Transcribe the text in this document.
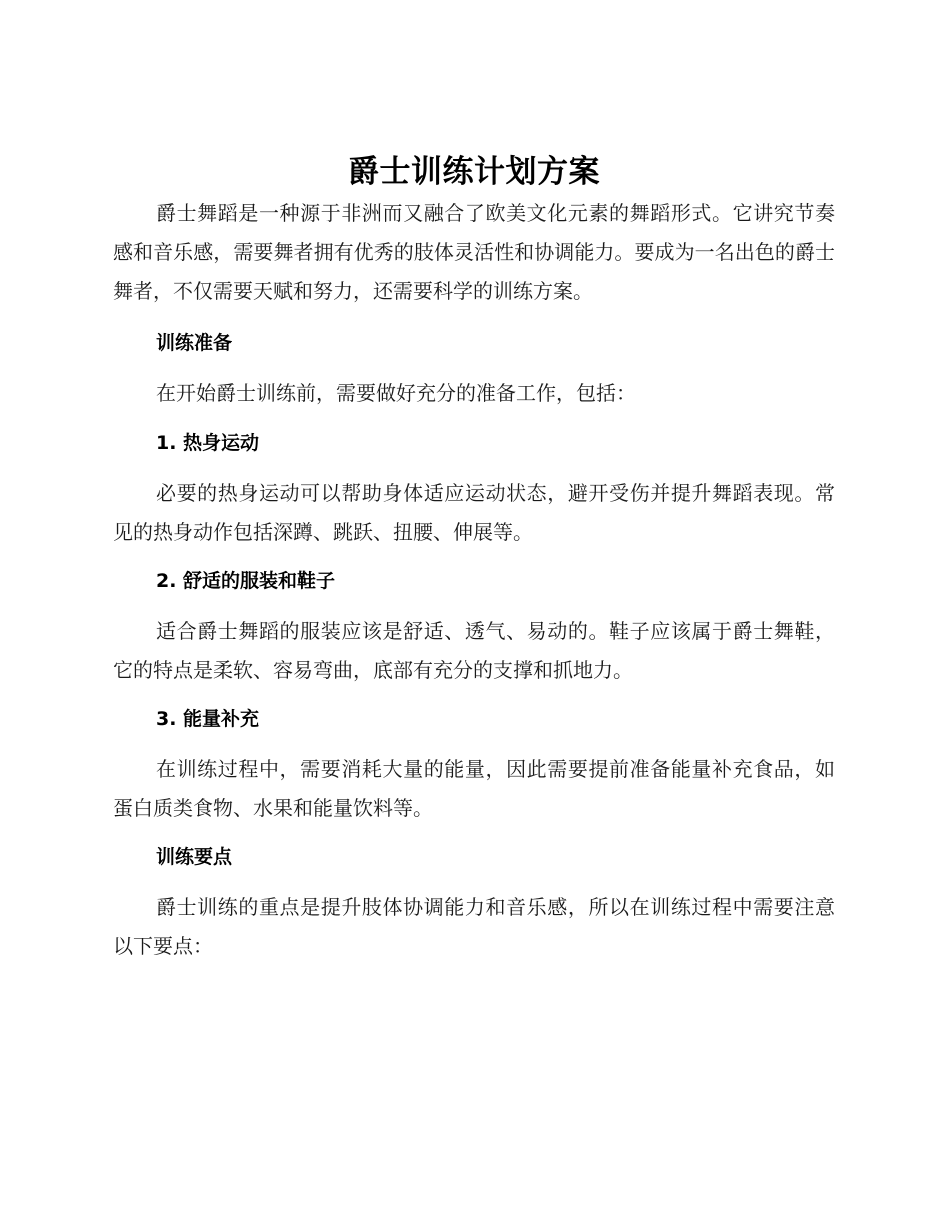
爵士训练计划方案

爵士舞蹈是一种源于非洲而又融合了欧美文化元素的舞蹈形式。它讲究节奏感和音乐感，需要舞者拥有优秀的肢体灵活性和协调能力。要成为一名出色的爵士舞者，不仅需要天赋和努力，还需要科学的训练方案。

训练准备

在开始爵士训练前，需要做好充分的准备工作，包括：

1. 热身运动

必要的热身运动可以帮助身体适应运动状态，避开受伤并提升舞蹈表现。常见的热身动作包括深蹲、跳跃、扭腰、伸展等。

2. 舒适的服装和鞋子

适合爵士舞蹈的服装应该是舒适、透气、易动的。鞋子应该属于爵士舞鞋，它的特点是柔软、容易弯曲，底部有充分的支撑和抓地力。

3. 能量补充

在训练过程中，需要消耗大量的能量，因此需要提前准备能量补充食品，如蛋白质类食物、水果和能量饮料等。

训练要点

爵士训练的重点是提升肢体协调能力和音乐感，所以在训练过程中需要注意以下要点：
